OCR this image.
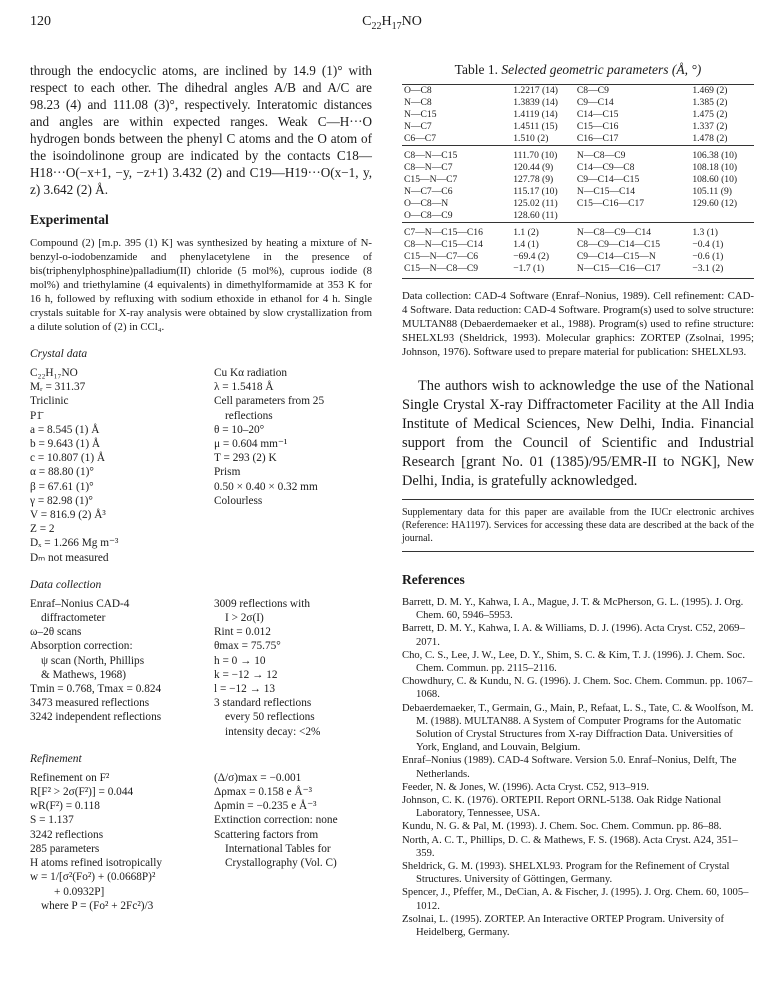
120	$C_{22}H_{17}NO$

through the endocyclic atoms, are inclined by 14.9 (1)° with respect to each other. The dihedral angles A/B and A/C are 98.23 (4) and 111.08 (3)°, respectively. Interatomic distances and angles are within expected ranges. Weak C—H···O hydrogen bonds between the phenyl C atoms and the O atom of the isoindolinone group are indicated by the contacts C18—H18···O(−x+1, −y, −z+1) 3.432 (2) and C19—H19···O(x−1, y, z) 3.642 (2) Å.

Experimental

Compound (2) [m.p. 395 (1) K] was synthesized by heating a mixture of N-benzyl-o-iodobenzamide and phenylacetylene in the presence of bis(triphenylphosphine)palladium(II) chloride (5 mol%), cuprous iodide (8 mol%) and triethylamine (4 equivalents) in dimethylformamide at 353 K for 16 h, followed by refluxing with sodium ethoxide in ethanol for 4 h. Single crystals suitable for X-ray analysis were obtained by slow crystallization from a dilute solution of (2) in CCl₄.

Crystal data
C₂₂H₁₇NO
Mᵣ = 311.37
Triclinic
P1̄
a = 8.545 (1) Å
b = 9.643 (1) Å
c = 10.807 (1) Å
α = 88.80 (1)°
β = 67.61 (1)°
γ = 82.98 (1)°
V = 816.9 (2) Å³
Z = 2
Dₓ = 1.266 Mg m⁻³
Dₘ not measured
Cu Kα radiation
λ = 1.5418 Å
Cell parameters from 25
reflections
θ = 10–20°
μ = 0.604 mm⁻¹
T = 293 (2) K
Prism
0.50 × 0.40 × 0.32 mm
Colourless
Data collection
Enraf–Nonius CAD-4
diffractometer
ω–2θ scans
Absorption correction:
ψ scan (North, Phillips
& Mathews, 1968)
Tmin = 0.768, Tmax = 0.824
3473 measured reflections
3242 independent reflections
3009 reflections with
I > 2σ(I)
Rint = 0.012
θmax = 75.75°
h = 0 → 10
k = −12 → 12
l = −12 → 13
3 standard reflections
every 50 reflections
intensity decay: <2%
Refinement
Refinement on F²
R[F² > 2σ(F²)] = 0.044
wR(F²) = 0.118
S = 1.137
3242 reflections
285 parameters
H atoms refined isotropically
w = 1/[σ²(Fo²) + (0.0668P)²
+ 0.0932P]
where P = (Fo² + 2Fc²)/3
(Δ/σ)max = −0.001
Δρmax = 0.158 e Å⁻³
Δρmin = −0.235 e Å⁻³
Extinction correction: none
Scattering factors from
International Tables for
Crystallography (Vol. C)
Table 1. Selected geometric parameters (Å, °)
O—C8	1.2217 (14)	C8—C9	1.469 (2)
N—C8	1.3839 (14)	C9—C14	1.385 (2)
N—C15	1.4119 (14)	C14—C15	1.475 (2)
N—C7	1.4511 (15)	C15—C16	1.337 (2)
C6—C7	1.510 (2)	C16—C17	1.478 (2)
C8—N—C15	111.70 (10)	N—C8—C9	106.38 (10)
C8—N—C7	120.44 (9)	C14—C9—C8	108.18 (10)
C15—N—C7	127.78 (9)	C9—C14—C15	108.60 (10)
N—C7—C6	115.17 (10)	N—C15—C14	105.11 (9)
O—C8—N	125.02 (11)	C15—C16—C17	129.60 (12)
O—C8—C9	128.60 (11)		
C7—N—C15—C16	1.1 (2)	N—C8—C9—C14	1.3 (1)
C8—N—C15—C14	1.4 (1)	C8—C9—C14—C15	−0.4 (1)
C15—N—C7—C6	−69.4 (2)	C9—C14—C15—N	−0.6 (1)
C15—N—C8—C9	−1.7 (1)	N—C15—C16—C17	−3.1 (2)

Data collection: CAD-4 Software (Enraf–Nonius, 1989). Cell refinement: CAD-4 Software. Data reduction: CAD-4 Software. Program(s) used to solve structure: MULTAN88 (Debaerdemaeker et al., 1988). Program(s) used to refine structure: SHELXL93 (Sheldrick, 1993). Molecular graphics: ZORTEP (Zsolnai, 1995; Johnson, 1976). Software used to prepare material for publication: SHELXL93.

The authors wish to acknowledge the use of the National Single Crystal X-ray Diffractometer Facility at the All India Institute of Medical Sciences, New Delhi, India. Financial support from the Council of Scientific and Industrial Research [grant No. 01 (1385)/95/EMR-II to NGK], New Delhi, India, is gratefully acknowledged.

Supplementary data for this paper are available from the IUCr electronic archives (Reference: HA1197). Services for accessing these data are described at the back of the journal.

References

Barrett, D. M. Y., Kahwa, I. A., Mague, J. T. & McPherson, G. L. (1995). J. Org. Chem. 60, 5946–5953.

Barrett, D. M. Y., Kahwa, I. A. & Williams, D. J. (1996). Acta Cryst. C52, 2069–2071.

Cho, C. S., Lee, J. W., Lee, D. Y., Shim, S. C. & Kim, T. J. (1996). J. Chem. Soc. Chem. Commun. pp. 2115–2116.

Chowdhury, C. & Kundu, N. G. (1996). J. Chem. Soc. Chem. Commun. pp. 1067–1068.

Debaerdemaeker, T., Germain, G., Main, P., Refaat, L. S., Tate, C. & Woolfson, M. M. (1988). MULTAN88. A System of Computer Programs for the Automatic Solution of Crystal Structures from X-ray Diffraction Data. Universities of York, England, and Louvain, Belgium.

Enraf–Nonius (1989). CAD-4 Software. Version 5.0. Enraf–Nonius, Delft, The Netherlands.

Feeder, N. & Jones, W. (1996). Acta Cryst. C52, 913–919.

Johnson, C. K. (1976). ORTEPII. Report ORNL-5138. Oak Ridge National Laboratory, Tennessee, USA.

Kundu, N. G. & Pal, M. (1993). J. Chem. Soc. Chem. Commun. pp. 86–88.

North, A. C. T., Phillips, D. C. & Mathews, F. S. (1968). Acta Cryst. A24, 351–359.

Sheldrick, G. M. (1993). SHELXL93. Program for the Refinement of Crystal Structures. University of Göttingen, Germany.

Spencer, J., Pfeffer, M., DeCian, A. & Fischer, J. (1995). J. Org. Chem. 60, 1005–1012.

Zsolnai, L. (1995). ZORTEP. An Interactive ORTEP Program. University of Heidelberg, Germany.
